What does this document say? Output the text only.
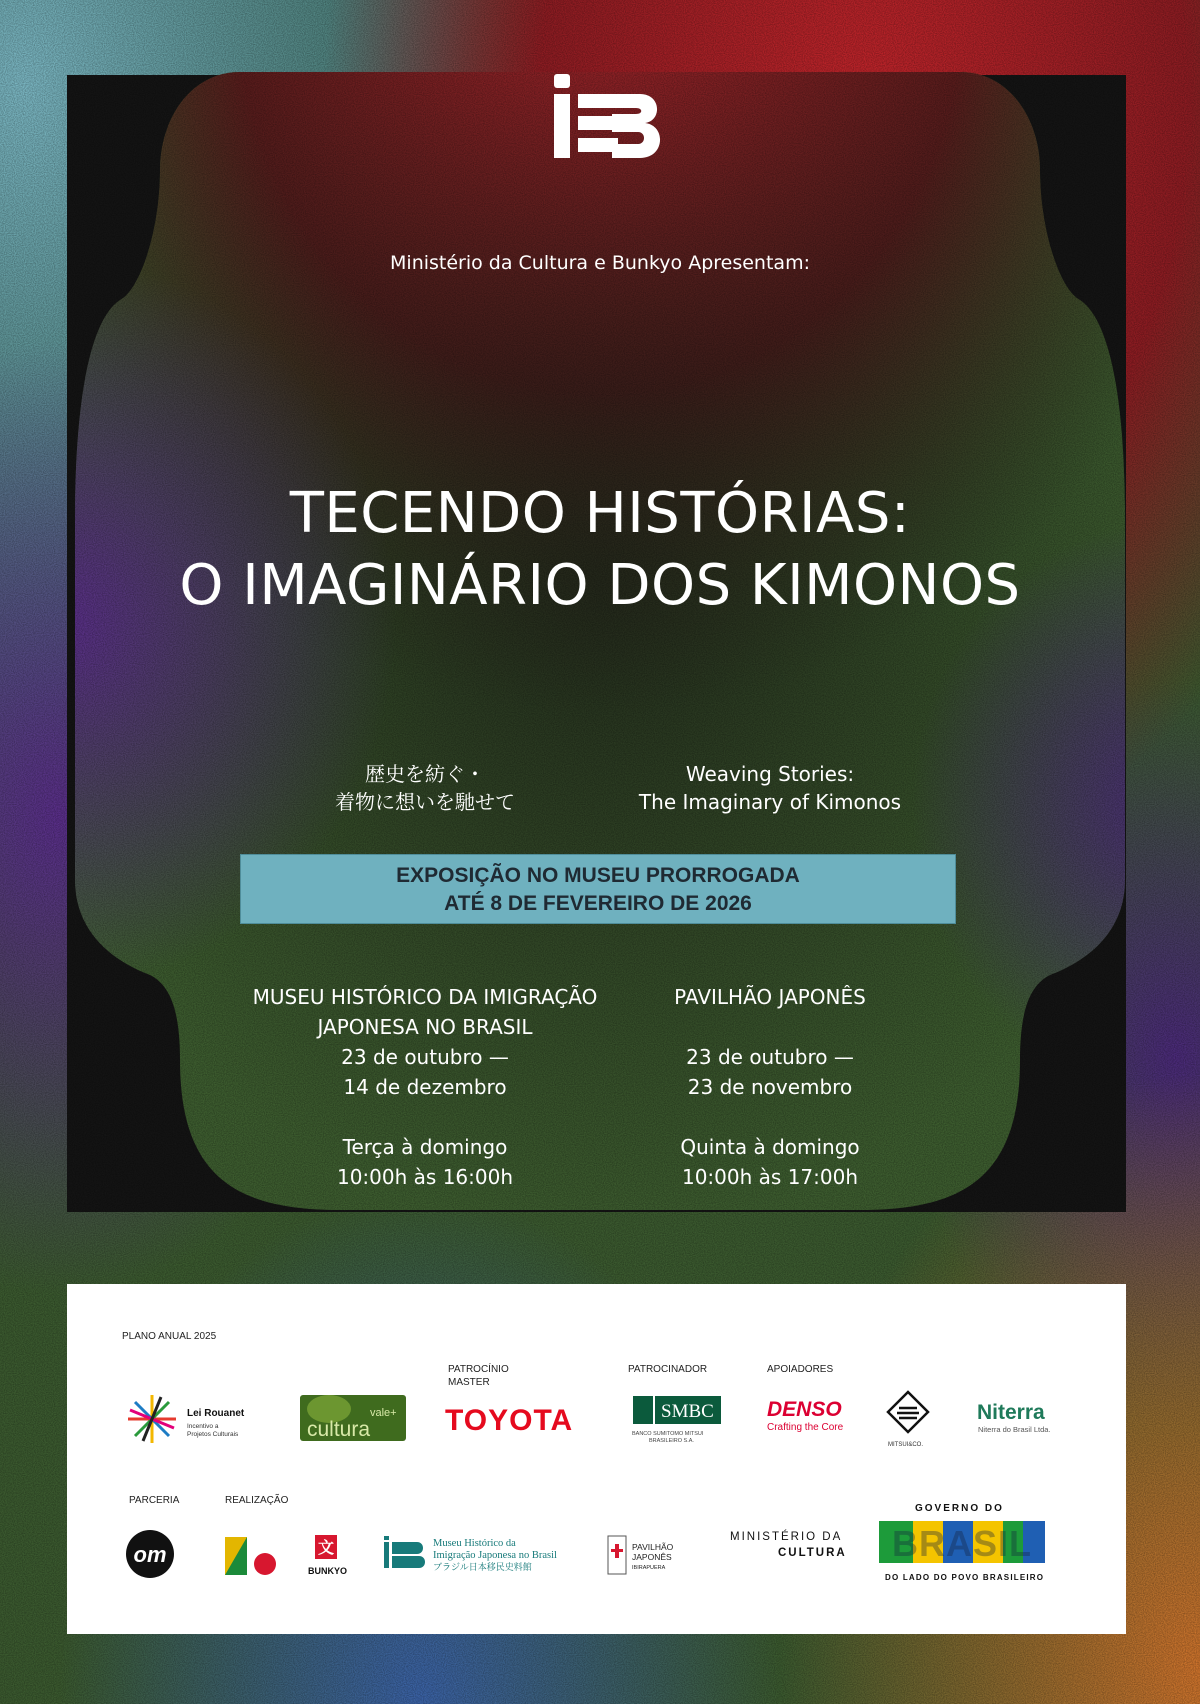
Ministério da Cultura e Bunkyo Apresentam:
TECENDO HISTÓRIAS:
O IMAGINÁRIO DOS KIMONOS
歴史を紡ぐ・
着物に想いを馳せて
Weaving Stories:
The Imaginary of Kimonos
EXPOSIÇÃO NO MUSEU PRORROGADA
ATÉ 8 DE FEVEREIRO DE 2026
MUSEU HISTÓRICO DA IMIGRAÇÃO
JAPONESA NO BRASIL
23 de outubro —
14 de dezembro
Terça à domingo
10:00h às 16:00h
PAVILHÃO JAPONÊS
23 de outubro —
23 de novembro
Quinta à domingo
10:00h às 17:00h
PLANO ANUAL 2025
PATROCÍNIO
MASTER
PATROCINADOR	APOIADORES
PARCERIA	REALIZAÇÃO
Lei Rouanet
Incentivo a
Projetos Culturais
vale+
cultura TOYOTA	SMBC
BANCO SUMITOMO MITSUI
BRASILEIRO S.A.
DENSO
Crafting the Core
MITSUI&CO.
Niterra
Niterra do Brasil Ltda.
om	文
BUNKYO
Museu Histórico da
Imigração Japonesa no Brasil
ブラジル日本移民史料館
PAVILHÃO
JAPONÊS
IBIRAPUERA
MINISTÉRIO DA
CULTURA
GOVERNO DO
BRASIL
DO LADO DO POVO BRASILEIRO
